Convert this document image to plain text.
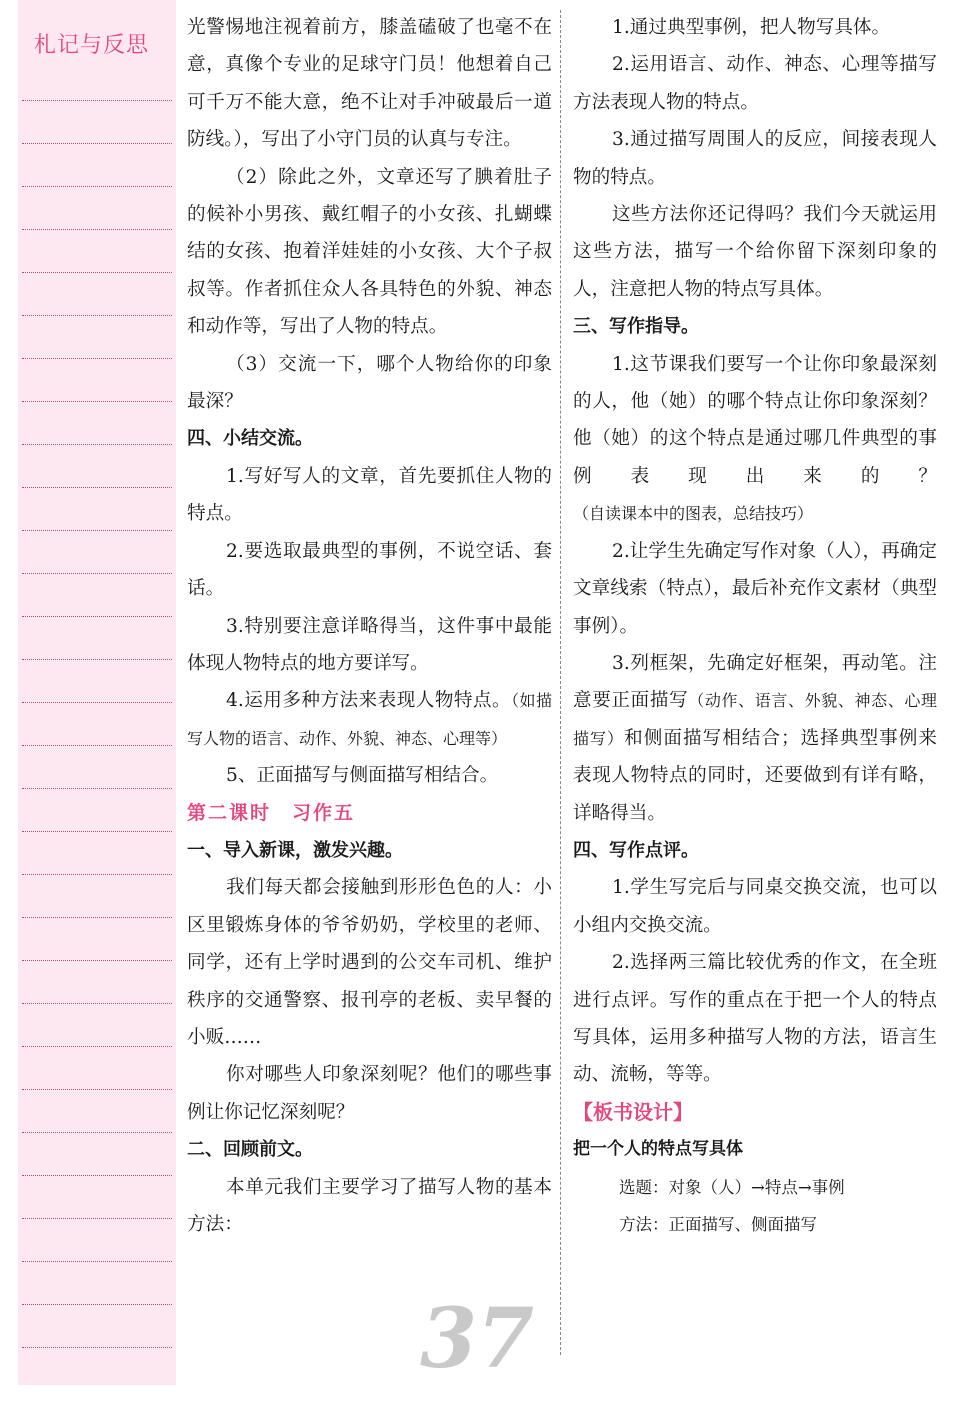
札记与反思

光警惕地注视着前方，膝盖磕破了也毫不在意，真像个专业的足球守门员！他想着自己可千万不能大意，绝不让对手冲破最后一道防线。），写出了小守门员的认真与专注。

（2）除此之外，文章还写了腆着肚子的候补小男孩、戴红帽子的小女孩、扎蝴蝶结的女孩、抱着洋娃娃的小女孩、大个子叔叔等。作者抓住众人各具特色的外貌、神态和动作等，写出了人物的特点。

（3）交流一下，哪个人物给你的印象最深？

四、小结交流。

1.写好写人的文章，首先要抓住人物的特点。

2.要选取最典型的事例，不说空话、套话。

3.特别要注意详略得当，这件事中最能体现人物特点的地方要详写。

4.运用多种方法来表现人物特点。（如描写人物的语言、动作、外貌、神态、心理等）

5、正面描写与侧面描写相结合。

第二课时　习作五

一、导入新课，激发兴趣。

我们每天都会接触到形形色色的人：小区里锻炼身体的爷爷奶奶，学校里的老师、同学，还有上学时遇到的公交车司机、维护秩序的交通警察、报刊亭的老板、卖早餐的小贩……

你对哪些人印象深刻呢？他们的哪些事例让你记忆深刻呢？

二、回顾前文。

本单元我们主要学习了描写人物的基本方法：

1.通过典型事例，把人物写具体。

2.运用语言、动作、神态、心理等描写方法表现人物的特点。

3.通过描写周围人的反应，间接表现人物的特点。

这些方法你还记得吗？我们今天就运用这些方法，描写一个给你留下深刻印象的人，注意把人物的特点写具体。

三、写作指导。

1.这节课我们要写一个让你印象最深刻的人，他（她）的哪个特点让你印象深刻？他（她）的这个特点是通过哪几件典型的事例表现出来的？（自读课本中的图表，总结技巧）

2.让学生先确定写作对象（人），再确定文章线索（特点），最后补充作文素材（典型事例）。

3.列框架，先确定好框架，再动笔。注意要正面描写（动作、语言、外貌、神态、心理描写）和侧面描写相结合；选择典型事例来表现人物特点的同时，还要做到有详有略，详略得当。

四、写作点评。

1.学生写完后与同桌交换交流，也可以小组内交换交流。

2.选择两三篇比较优秀的作文，在全班进行点评。写作的重点在于把一个人的特点写具体，运用多种描写人物的方法，语言生动、流畅，等等。

【板书设计】

把一个人的特点写具体

选题：对象（人）→特点→事例

方法：正面描写、侧面描写

37
